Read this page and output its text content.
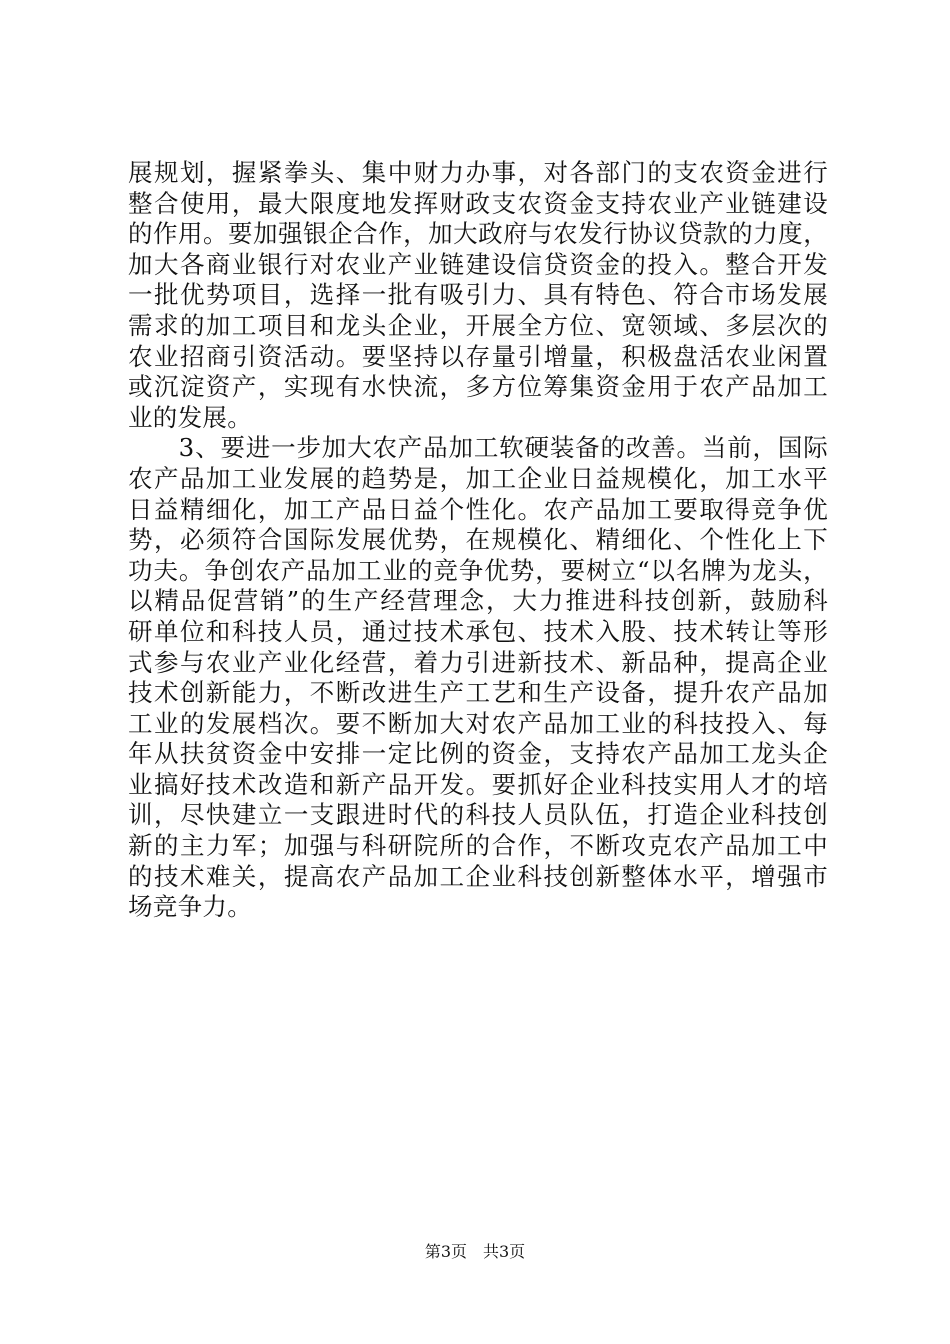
展规划，握紧拳头、集中财力办事，对各部门的支农资金进行
整合使用，最大限度地发挥财政支农资金支持农业产业链建设
的作用。要加强银企合作，加大政府与农发行协议贷款的力度，
加大各商业银行对农业产业链建设信贷资金的投入。整合开发
一批优势项目，选择一批有吸引力、具有特色、符合市场发展
需求的加工项目和龙头企业，开展全方位、宽领域、多层次的
农业招商引资活动。要坚持以存量引增量，积极盘活农业闲置
或沉淀资产，实现有水快流，多方位筹集资金用于农产品加工
业的发展。
　　3、要进一步加大农产品加工软硬装备的改善。当前，国际
农产品加工业发展的趋势是，加工企业日益规模化，加工水平
日益精细化，加工产品日益个性化。农产品加工要取得竞争优
势，必须符合国际发展优势，在规模化、精细化、个性化上下
功夫。争创农产品加工业的竞争优势，要树立“以名牌为龙头，
以精品促营销”的生产经营理念，大力推进科技创新，鼓励科
研单位和科技人员，通过技术承包、技术入股、技术转让等形
式参与农业产业化经营，着力引进新技术、新品种，提高企业
技术创新能力，不断改进生产工艺和生产设备，提升农产品加
工业的发展档次。要不断加大对农产品加工业的科技投入、每
年从扶贫资金中安排一定比例的资金，支持农产品加工龙头企
业搞好技术改造和新产品开发。要抓好企业科技实用人才的培
训，尽快建立一支跟进时代的科技人员队伍，打造企业科技创
新的主力军；加强与科研院所的合作，不断攻克农产品加工中
的技术难关，提高农产品加工企业科技创新整体水平，增强市
场竞争力。
第3页　共3页
